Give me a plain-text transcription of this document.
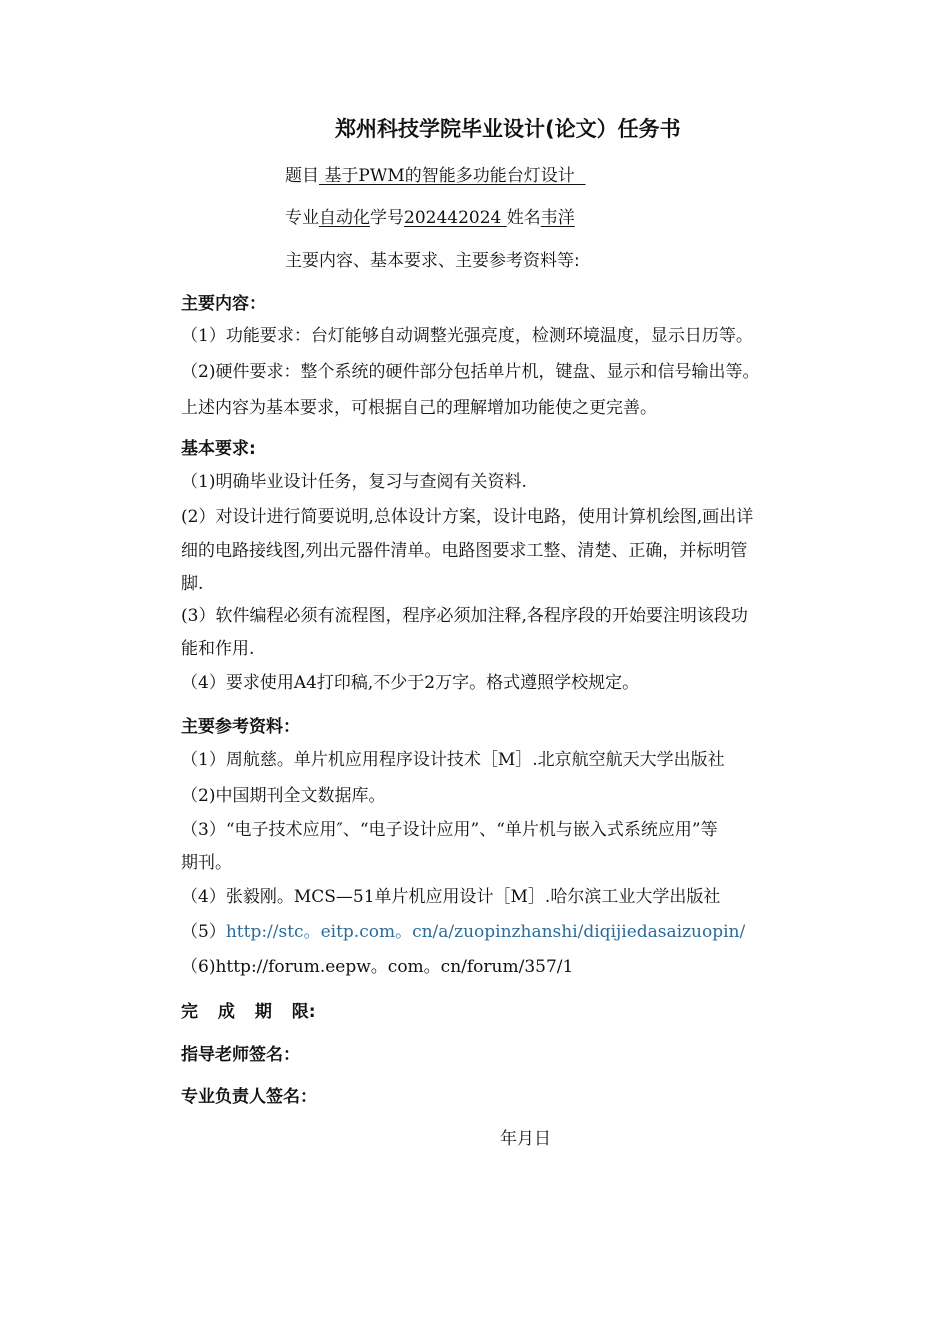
郑州科技学院毕业设计(论文）任务书
题目 基于PWM的智能多功能台灯设计
专业自动化学号202442024 姓名韦洋
主要内容、基本要求、主要参考资料等:
主要内容：
（1）功能要求：台灯能够自动调整光强亮度，检测环境温度，显示日历等。
（2)硬件要求：整个系统的硬件部分包括单片机，键盘、显示和信号输出等。
上述内容为基本要求，可根据自己的理解增加功能使之更完善。
基本要求:
（1)明确毕业设计任务，复习与查阅有关资料.
(2）对设计进行简要说明,总体设计方案，设计电路，使用计算机绘图,画出详
细的电路接线图,列出元器件清单。电路图要求工整、清楚、正确，并标明管
脚.
(3）软件编程必须有流程图，程序必须加注释,各程序段的开始要注明该段功
能和作用.
（4）要求使用A4打印稿,不少于2万字。格式遵照学校规定。
主要参考资料：
（1）周航慈。单片机应用程序设计技术［M］.北京航空航天大学出版社
（2)中国期刊全文数据库。
（3）“电子技术应用″、“电子设计应用”、“单片机与嵌入式系统应用”等
期刊。
（4）张毅刚。MCS—51单片机应用设计［M］.哈尔滨工业大学出版社
（5）http://stc。eitp.com。cn/a/zuopinzhanshi/diqijiedasaizuopin/
（6)http://forum.eepw。com。cn/forum/357/1
完 成 期 限:
指导老师签名：
专业负责人签名：
年月日
